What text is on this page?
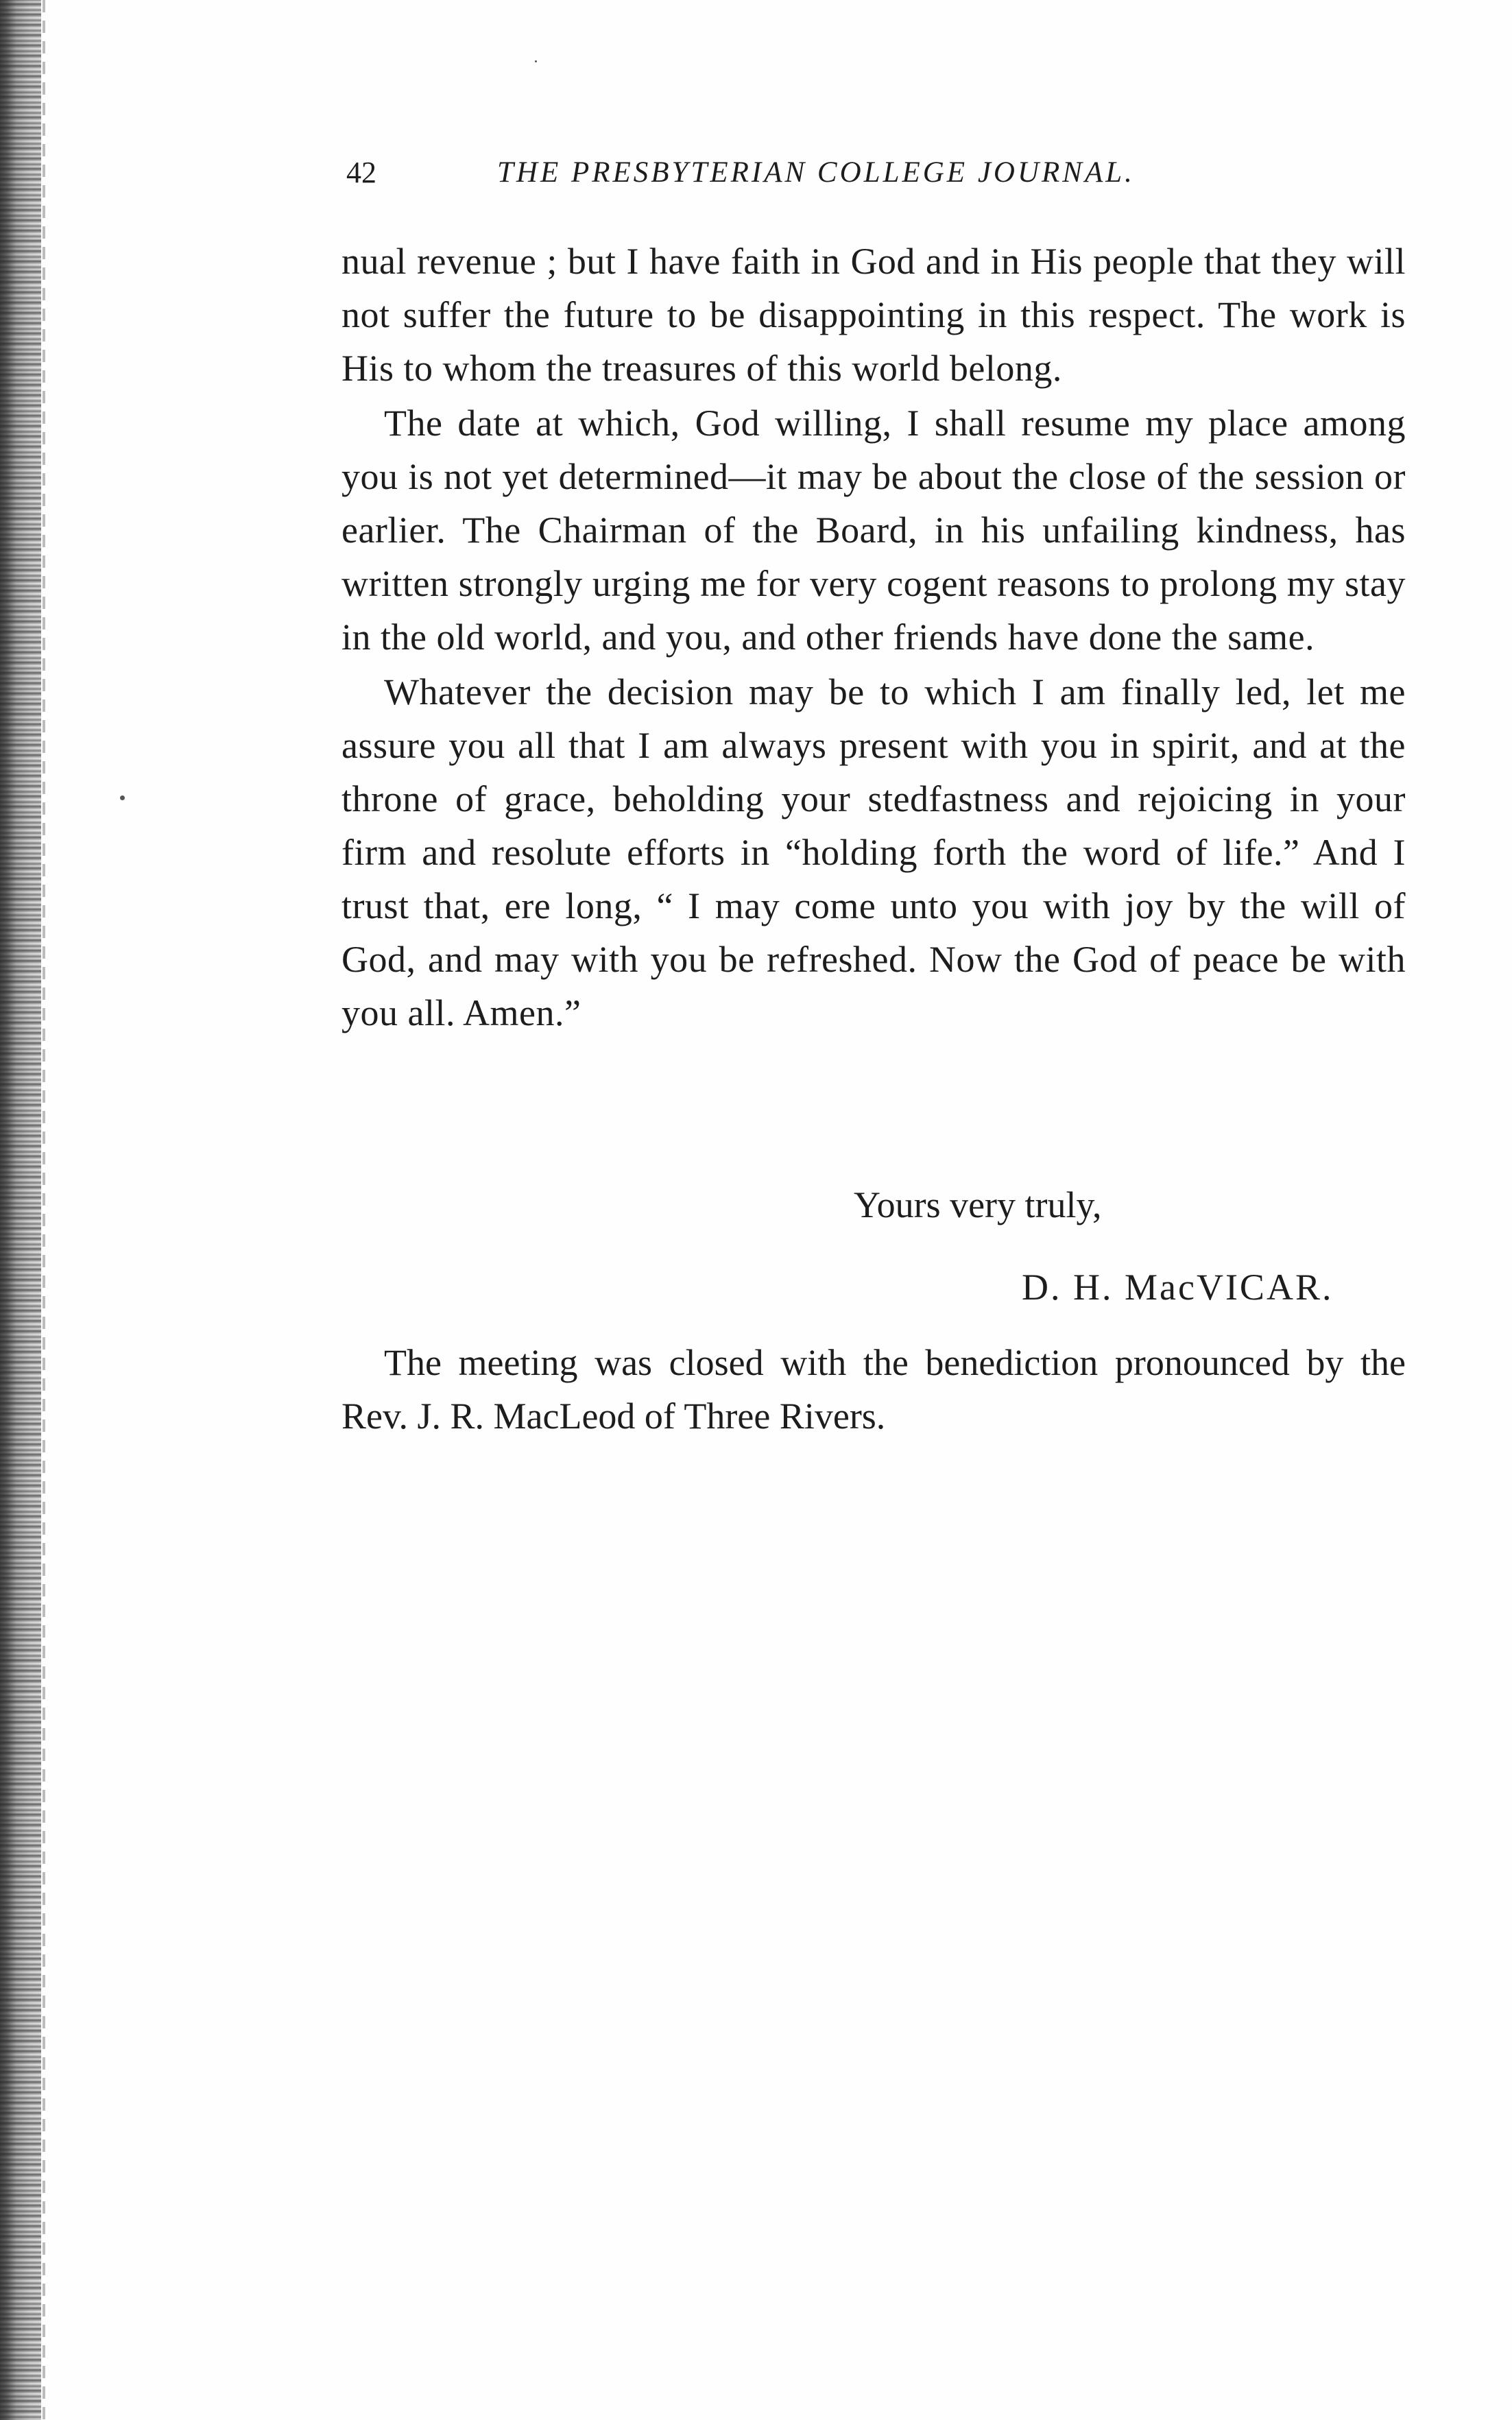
42	THE PRESBYTERIAN COLLEGE JOURNAL.

nual revenue ; but I have faith in God and in His people that they will not suffer the future to be disappointing in this respect. The work is His to whom the treasures of this world belong.

The date at which, God willing, I shall resume my place among you is not yet determined—it may be about the close of the session or earlier. The Chairman of the Board, in his unfailing kindness, has written strongly urging me for very cogent reasons to prolong my stay in the old world, and you, and other friends have done the same.

Whatever the decision may be to which I am finally led, let me assure you all that I am always present with you in spirit, and at the throne of grace, beholding your stedfastness and rejoicing in your firm and resolute efforts in “holding forth the word of life.” And I trust that, ere long, “ I may come unto you with joy by the will of God, and may with you be refreshed. Now the God of peace be with you all. Amen.”

Yours very truly,
D. H. MacVICAR.

The meeting was closed with the benediction pronounced by the Rev. J. R. MacLeod of Three Rivers.
